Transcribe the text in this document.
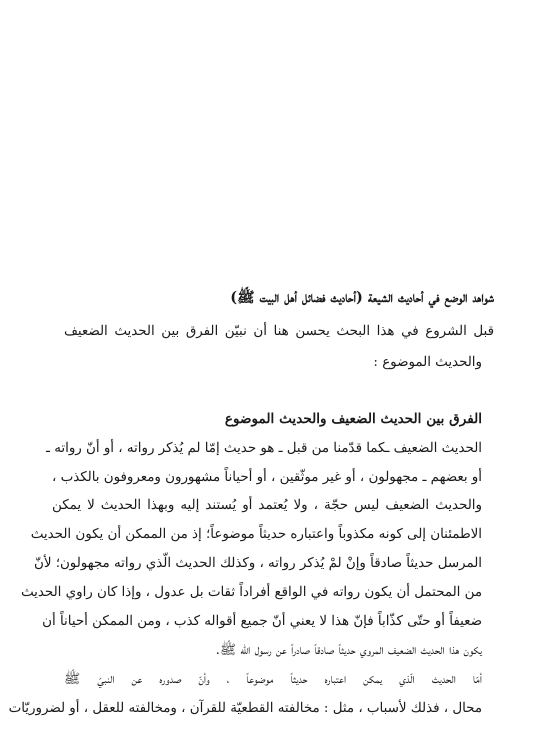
شواهد الوضع في أحاديث الشيعة (أحاديث فضائل أهل البيت ﷺ)
قبل الشروع في هذا البحث يحسن هنا أن نبيّن الفرق بين الحديث الضعيف
والحديث الموضوع :
الفرق بين الحديث الضعيف والحديث الموضوع
الحديث الضعيف ـكما قدّمنا من قبل ـ هو حديث إمّا لم يُذكر رواته ، أو أنّ رواته ـ
أو بعضهم ـ مجهولون ، أو غير موثّقين ، أو أحياناً مشهورون ومعروفون بالكذب ،
والحديث الضعيف ليس حجّة ، ولا يُعتمد أو يُستند إليه وبهذا الحديث لا يمكن
الاطمئنان إلى كونه مكذوباً واعتباره حديثاً موضوعاً؛ إذ من الممكن أن يكون الحديث
المرسل حديثاً صادقاً وإنْ لمْ يُذكر رواته ، وكذلك الحديث الّذي رواته مجهولون؛ لأنّ
من المحتمل أن يكون رواته في الواقع أفراداً ثقات بل عدول ، وإذا كان راوي الحديث
ضعيفاً أو حتّى كذّاباً فإنّ هذا لا يعني أنّ جميع أقواله كذب ، ومن الممكن أحياناً أن
يكون هذا الحديث الضعيف المروي حديثاً صادقاً صادراً عن رسول الله ﷺ.
أمّا الحديث الّذي يمكن اعتباره حديثاً موضوعاً ، وأنّ صدوره عن النبيّ ﷺ
محال ، فذلك لأسباب ، مثل : مخالفته القطعيّة للقرآن ، ومخالفته للعقل ، أو لضروريّات
